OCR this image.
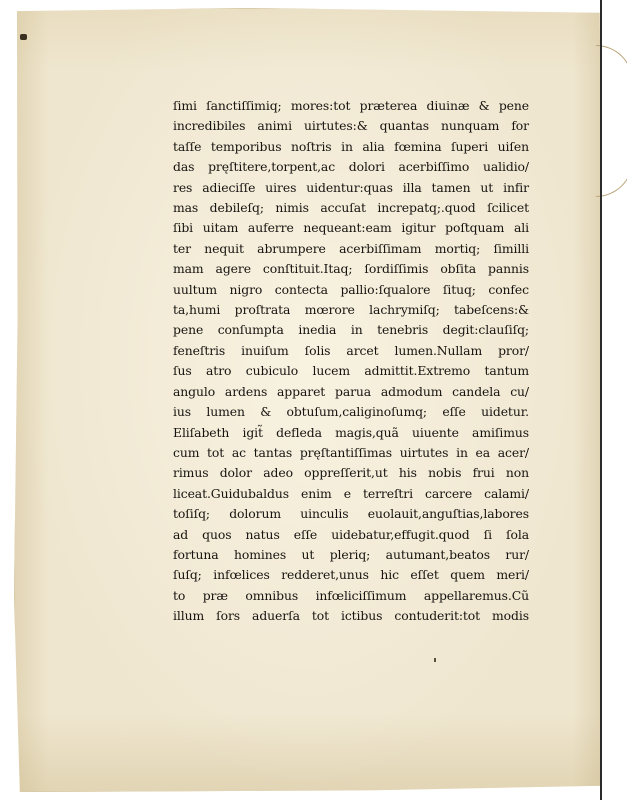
ſimi ſanctiſſimiq; mores:tot præterea diuinæ & pene
incredibiles animi uirtutes:& quantas nunquam for
taſſe temporibus noſtris in alia fœmina ſuperi uiſen
das pręſtitere,torpent,ac dolori acerbiſſimo ualidio/
res adieciſſe uires uidentur:quas illa tamen ut infir
mas debileſq; nimis accuſat increpatq;.quod ſcilicet
ſibi uitam auferre nequeant:eam igitur poſtquam ali
ter nequit abrumpere acerbiſſimam mortiq; ſimilli
mam agere conſtituit.Itaq; ſordiſſimis obſita pannis
uultum nigro contecta pallio:ſqualore ſituq; confec
ta,humi proſtrata mœrore lachrymiſq; tabeſcens:&
pene conſumpta inedia in tenebris degit:clauſiſq;
feneſtris inuiſum ſolis arcet lumen.Nullam pror/
ſus atro cubiculo lucem admittit.Extremo tantum
angulo ardens apparet parua admodum candela cu/
ius lumen & obtuſum,caliginoſumq; eſſe uidetur.
Eliſabeth igit̃ defleda magis,quã uiuente amiſimus
cum tot ac tantas pręſtantiſſimas uirtutes in ea acer/
rimus dolor adeo oppreſſerit,ut his nobis frui non
liceat.Guidubaldus enim e terreſtri carcere calami/
toſiſq; dolorum uinculis euolauit,anguſtias,labores
ad quos natus eſſe uidebatur,effugit.quod ſi ſola
fortuna homines ut pleriq; autumant,beatos rur/
ſuſq; infœlices redderet,unus hic eſſet quem meri/
to præ omnibus infœliciſſimum appellaremus.Cũ
illum ſors aduerſa tot ictibus contuderit:tot modis
